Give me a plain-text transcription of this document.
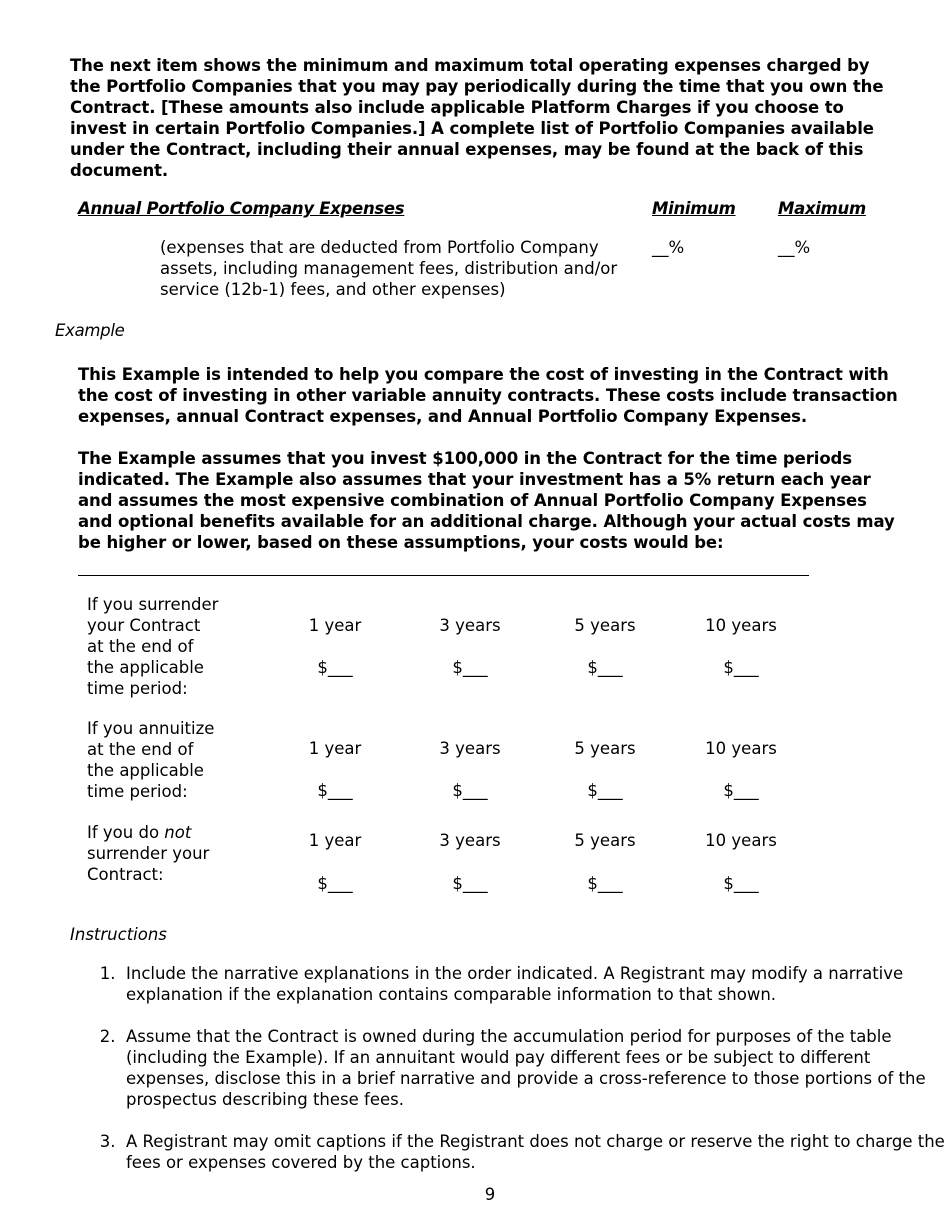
The next item shows the minimum and maximum total operating expenses charged by the Portfolio Companies that you may pay periodically during the time that you own the Contract. [These amounts also include applicable Platform Charges if you choose to invest in certain Portfolio Companies.] A complete list of Portfolio Companies available under the Contract, including their annual expenses, may be found at the back of this document.
Annual Portfolio Company Expenses	Minimum	Maximum
(expenses that are deducted from Portfolio Company assets, including management fees, distribution and/or service (12b-1) fees, and other expenses)
__%	__%
Example
This Example is intended to help you compare the cost of investing in the Contract with the cost of investing in other variable annuity contracts. These costs include transaction expenses, annual Contract expenses, and Annual Portfolio Company Expenses.
The Example assumes that you invest $100,000 in the Contract for the time periods indicated. The Example also assumes that your investment has a 5% return each year and assumes the most expensive combination of Annual Portfolio Company Expenses and optional benefits available for an additional charge. Although your actual costs may be higher or lower, based on these assumptions, your costs would be:
If you surrender your Contract at the end of the applicable time period:
1 year	3 years	5 years	10 years
$___	$___	$___	$___
If you annuitize at the end of the applicable time period:
1 year	3 years	5 years	10 years
$___	$___	$___	$___
If you do not surrender your Contract:
1 year	3 years	5 years	10 years
$___	$___	$___	$___
Instructions
1. Include the narrative explanations in the order indicated. A Registrant may modify a narrative explanation if the explanation contains comparable information to that shown.
2. Assume that the Contract is owned during the accumulation period for purposes of the table (including the Example). If an annuitant would pay different fees or be subject to different expenses, disclose this in a brief narrative and provide a cross-reference to those portions of the prospectus describing these fees.
3. A Registrant may omit captions if the Registrant does not charge or reserve the right to charge the fees or expenses covered by the captions.
9
